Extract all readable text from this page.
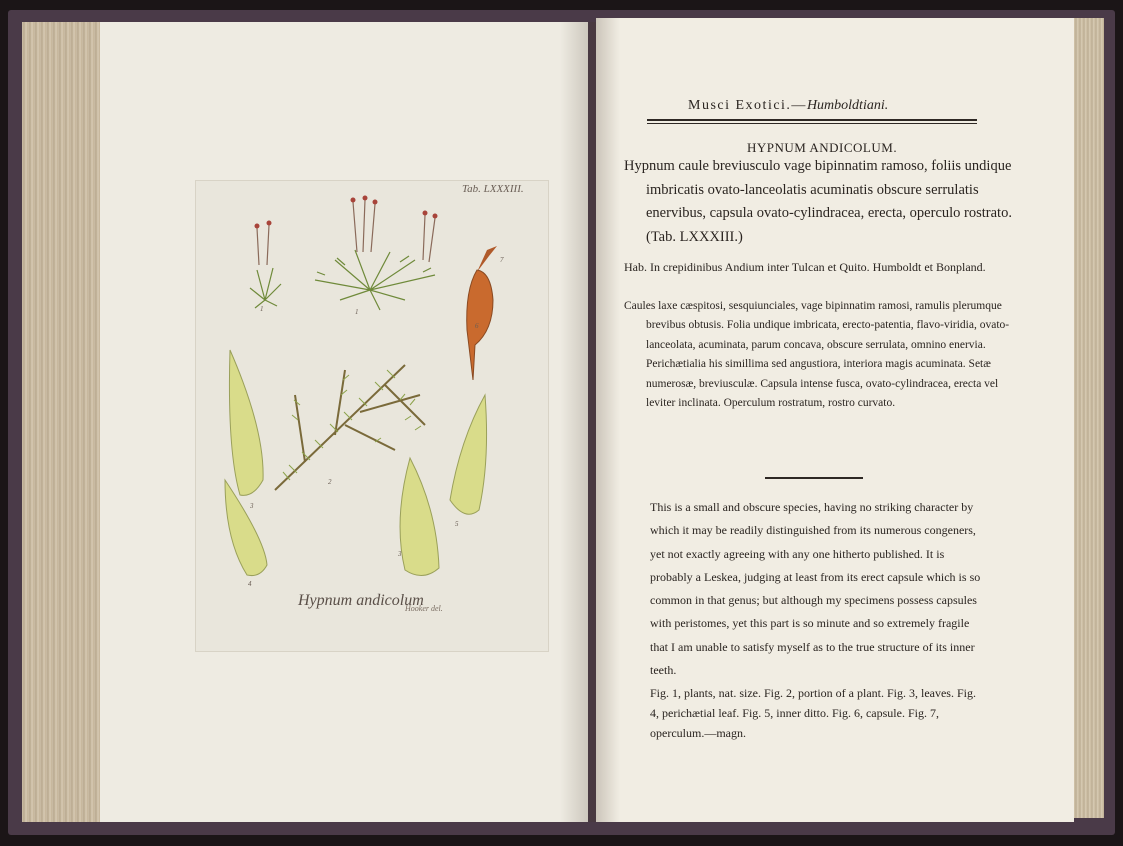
Tab. LXXXIII.
Hypnum andicolum
Hooker del.
1	1
2
3
4
5
6
7
3
Musci Exotici.—Humboldtiani.
HYPNUM ANDICOLUM.

Hypnum caule breviusculo vage bipinnatim ramoso, foliis undique imbricatis ovato-lanceolatis acuminatis obscure serrulatis enervibus, capsula ovato-cylindracea, erecta, operculo rostrato. (Tab. LXXXIII.)

Hab. In crepidinibus Andium inter Tulcan et Quito. Humboldt et Bonpland.

Caules laxe cæspitosi, sesquiunciales, vage bipinnatim ramosi, ramulis plerumque brevibus obtusis. Folia undique imbricata, erecto-patentia, flavo-viridia, ovato-lanceolata, acuminata, parum concava, obscure serrulata, omnino enervia. Perichætialia his simillima sed angustiora, interiora magis acuminata. Setæ numerosæ, breviusculæ. Capsula intense fusca, ovato-cylindracea, erecta vel leviter inclinata. Operculum rostratum, rostro curvato.

This is a small and obscure species, having no striking character by which it may be readily distinguished from its numerous congeners, yet not exactly agreeing with any one hitherto published. It is probably a Leskea, judging at least from its erect capsule which is so common in that genus; but although my specimens possess capsules with peristomes, yet this part is so minute and so extremely fragile that I am unable to satisfy myself as to the true structure of its inner teeth.

Fig. 1, plants, nat. size. Fig. 2, portion of a plant. Fig. 3, leaves. Fig. 4, perichætial leaf. Fig. 5, inner ditto. Fig. 6, capsule. Fig. 7, operculum.—magn.
